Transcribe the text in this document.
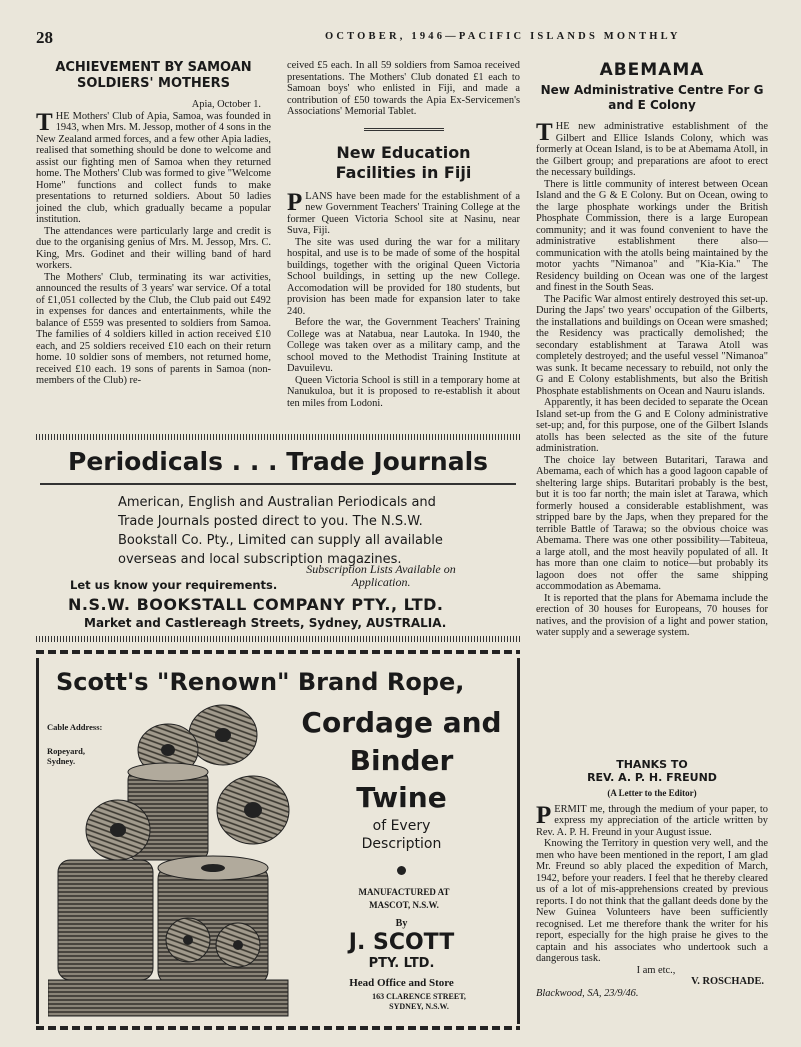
28	OCTOBER, 1946—PACIFIC ISLANDS MONTHLY
ACHIEVEMENT BY SAMOAN SOLDIERS' MOTHERS

Apia, October 1.

THE Mothers' Club of Apia, Samoa, was founded in 1943, when Mrs. M. Jessop, mother of 4 sons in the New Zealand armed forces, and a few other Apia ladies, realised that something should be done to welcome and assist our fighting men of Samoa when they returned home. The Mothers' Club was formed to give "Welcome Home" functions and collect funds to make presentations to returned soldiers. About 50 ladies joined the club, which gradually became a popular institution.

The attendances were particularly large and credit is due to the organising genius of Mrs. M. Jessop, Mrs. C. King, Mrs. Godinet and their willing band of hard workers.

The Mothers' Club, terminating its war activities, announced the results of 3 years' war service. Of a total of £1,051 collected by the Club, the Club paid out £492 in expenses for dances and entertainments, while the balance of £559 was presented to soldiers from Samoa. The families of 4 soldiers killed in action received £10 each, and 25 soldiers received £10 each on their return home. 10 soldier sons of members, not returned home, received £10 each. 19 sons of parents in Samoa (non-members of the Club) re-

ceived £5 each. In all 59 soldiers from Samoa received presentations. The Mothers' Club donated £1 each to Samoan boys' who enlisted in Fiji, and made a contribution of £50 towards the Apia Ex-Servicemen's Associations' Memorial Tablet.

New Education Facilities in Fiji

PLANS have been made for the establishment of a new Government Teachers' Training College at the former Queen Victoria School site at Nasinu, near Suva, Fiji.

The site was used during the war for a military hospital, and use is to be made of some of the hospital buildings, together with the original Queen Victoria School buildings, in setting up the new College. Accomodation will be provided for 180 students, but provision has been made for expansion later to take 240.

Before the war, the Government Teachers' Training College was at Natabua, near Lautoka. In 1940, the College was taken over as a military camp, and the school moved to the Methodist Training Institute at Davuilevu.

Queen Victoria School is still in a temporary home at Nanukuloa, but it is proposed to re-establish it about ten miles from Lodoni.

ABEMAMA
New Administrative Centre For G and E Colony

THE new administrative establishment of the Gilbert and Ellice Islands Colony, which was formerly at Ocean Island, is to be at Abemama Atoll, in the Gilbert group; and preparations are afoot to erect the necessary buildings.

There is little community of interest between Ocean Island and the G & E Colony. But on Ocean, owing to the large phosphate workings under the British Phosphate Commission, there is a large European community; and it was found convenient to have the administrative establishment there also—communication with the atolls being maintained by the motor yachts "Nimanoa" and "Kia-Kia." The Residency building on Ocean was one of the largest and finest in the South Seas.

The Pacific War almost entirely destroyed this set-up. During the Japs' two years' occupation of the Gilberts, the installations and buildings on Ocean were smashed; the Residency was practically demolished; the secondary establishment at Tarawa Atoll was completely destroyed; and the useful vessel "Nimanoa" was sunk. It became necessary to rebuild, not only the G and E Colony establishments, but also the British Phosphate establishments on Ocean and Nauru islands.

Apparently, it has been decided to separate the Ocean Island set-up from the G and E Colony administrative set-up; and, for this purpose, one of the Gilbert Islands atolls has been selected as the site of the future administration.

The choice lay between Butaritari, Tarawa and Abemama, each of which has a good lagoon capable of sheltering large ships. Butaritari probably is the best, but it is too far north; the main islet at Tarawa, which formerly housed a considerable establishment, was stripped bare by the Japs, when they prepared for the terrible Battle of Tarawa; so the obvious choice was Abemama. There was one other possibility—Tabiteua, a large atoll, and the most heavily populated of all. It has more than one claim to notice—but probably its lagoon does not offer the same shipping accommodation as Abemama.

It is reported that the plans for Abemama include the erection of 30 houses for Europeans, 70 houses for natives, and the provision of a light and power station, water supply and a sewerage system.

THANKS TO
REV. A. P. H. FREUND
(A Letter to the Editor)

PERMIT me, through the medium of your paper, to express my appreciation of the article written by Rev. A. P. H. Freund in your August issue.

Knowing the Territory in question very well, and the men who have been mentioned in the report, I am glad Mr. Freund so ably placed the expedition of March, 1942, before your readers. I feel that he thereby cleared us of a lot of mis-apprehensions created by previous reports. I do not think that the gallant deeds done by the New Guinea Volunteers have been sufficiently recognised. Let me therefore thank the writer for his report, especially for the high praise he gives to the captain and his associates who undertook such a dangerous task.

I am etc.,

V. ROSCHADE.

Blackwood, SA, 23/9/46.

Periodicals . . . Trade Journals
American, English and Australian Periodicals and Trade Journals posted direct to you. The N.S.W. Bookstall Co. Pty., Limited can supply all available overseas and local subscription magazines.
Subscription Lists Available on Application.
Let us know your requirements.
N.S.W. BOOKSTALL COMPANY PTY., LTD.
Market and Castlereagh Streets, Sydney, AUSTRALIA.
Scott's "Renown" Brand Rope,
Cordage and
Binder
Twine
of Every
Description
MANUFACTURED AT MASCOT, N.S.W.
By
J. SCOTT
PTY. LTD.
Head Office and Store
163 CLARENCE STREET, SYDNEY, N.S.W.
Cable Address:
Ropeyard, Sydney.
